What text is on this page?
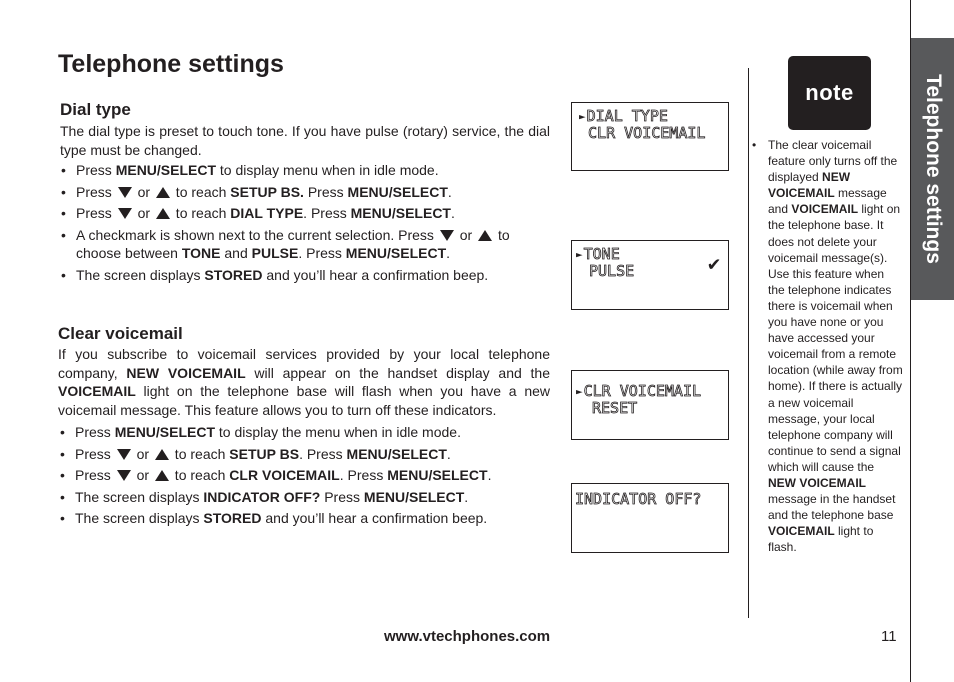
Telephone settings
Dial type
The dial type is preset to touch tone. If you have pulse (rotary) service, the dial type must be changed.
• Press MENU/SELECT to display menu when in idle mode.
• Press  or  to reach SETUP BS. Press MENU/SELECT.
• Press  or  to reach DIAL TYPE. Press MENU/SELECT.
• A checkmark is shown next to the current selection. Press  or  to choose between TONE and PULSE. Press MENU/SELECT.
• The screen displays STORED and you’ll hear a confirmation beep.
Clear voicemail
If you subscribe to voicemail services provided by your local telephone company, NEW VOICEMAIL will appear on the handset display and the VOICEMAIL light on the telephone base will flash when you have a new voicemail message. This feature allows you to turn off these indicators.
• Press MENU/SELECT to display the menu when in idle mode.
• Press  or  to reach SETUP BS. Press MENU/SELECT.
• Press  or  to reach CLR VOICEMAIL. Press MENU/SELECT.
• The screen displays INDICATOR OFF? Press MENU/SELECT.
• The screen displays STORED and you’ll hear a confirmation beep.
►DIAL TYPE
CLR VOICEMAIL
►TONE
PULSE	✔
►CLR VOICEMAIL
RESET
INDICATOR OFF?
note
• The clear voicemail feature only turns off the displayed NEW VOICEMAIL message and VOICEMAIL light on the telephone base. It does not delete your voicemail message(s). Use this feature when the telephone indicates there is voicemail when you have none or you have accessed your voicemail from a remote location (while away from home). If there is actually a new voicemail message, your local telephone company will continue to send a signal which will cause the NEW VOICEMAIL message in the handset and the telephone base VOICEMAIL light to flash.
Telephone settings
www.vtechphones.com	11
